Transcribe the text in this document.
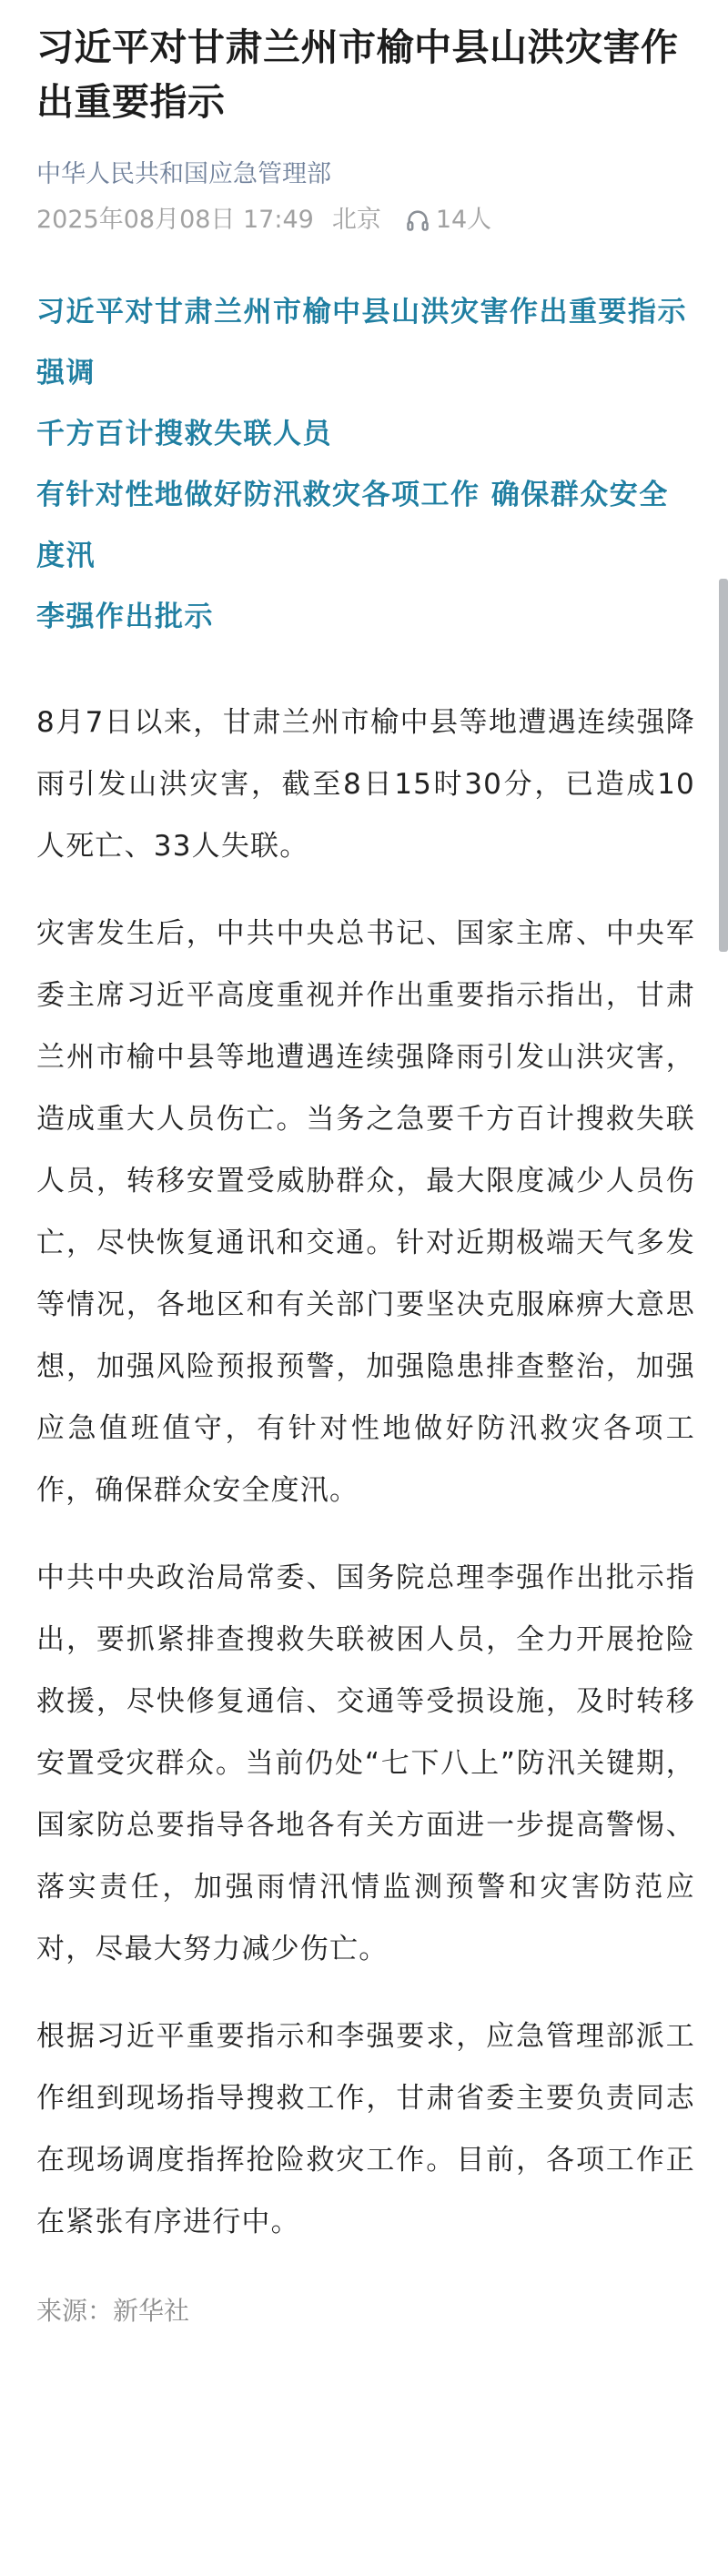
习近平对甘肃兰州市榆中县山洪灾害作出重要指示
中华人民共和国应急管理部
2025年08月08日 17:49 北京 14人
习近平对甘肃兰州市榆中县山洪灾害作出重要指示强调
千方百计搜救失联人员
有针对性地做好防汛救灾各项工作 确保群众安全度汛
李强作出批示
8月7日以来，甘肃兰州市榆中县等地遭遇连续强降雨引发山洪灾害，截至8日15时30分，已造成10人死亡、33人失联。
灾害发生后，中共中央总书记、国家主席、中央军委主席习近平高度重视并作出重要指示指出，甘肃兰州市榆中县等地遭遇连续强降雨引发山洪灾害，造成重大人员伤亡。当务之急要千方百计搜救失联人员，转移安置受威胁群众，最大限度减少人员伤亡，尽快恢复通讯和交通。针对近期极端天气多发等情况，各地区和有关部门要坚决克服麻痹大意思想，加强风险预报预警，加强隐患排查整治，加强应急值班值守，有针对性地做好防汛救灾各项工作，确保群众安全度汛。
中共中央政治局常委、国务院总理李强作出批示指出，要抓紧排查搜救失联被困人员，全力开展抢险救援，尽快修复通信、交通等受损设施，及时转移安置受灾群众。当前仍处“七下八上”防汛关键期，国家防总要指导各地各有关方面进一步提高警惕、落实责任，加强雨情汛情监测预警和灾害防范应对，尽最大努力减少伤亡。
根据习近平重要指示和李强要求，应急管理部派工作组到现场指导搜救工作，甘肃省委主要负责同志在现场调度指挥抢险救灾工作。目前，各项工作正在紧张有序进行中。
来源：新华社
